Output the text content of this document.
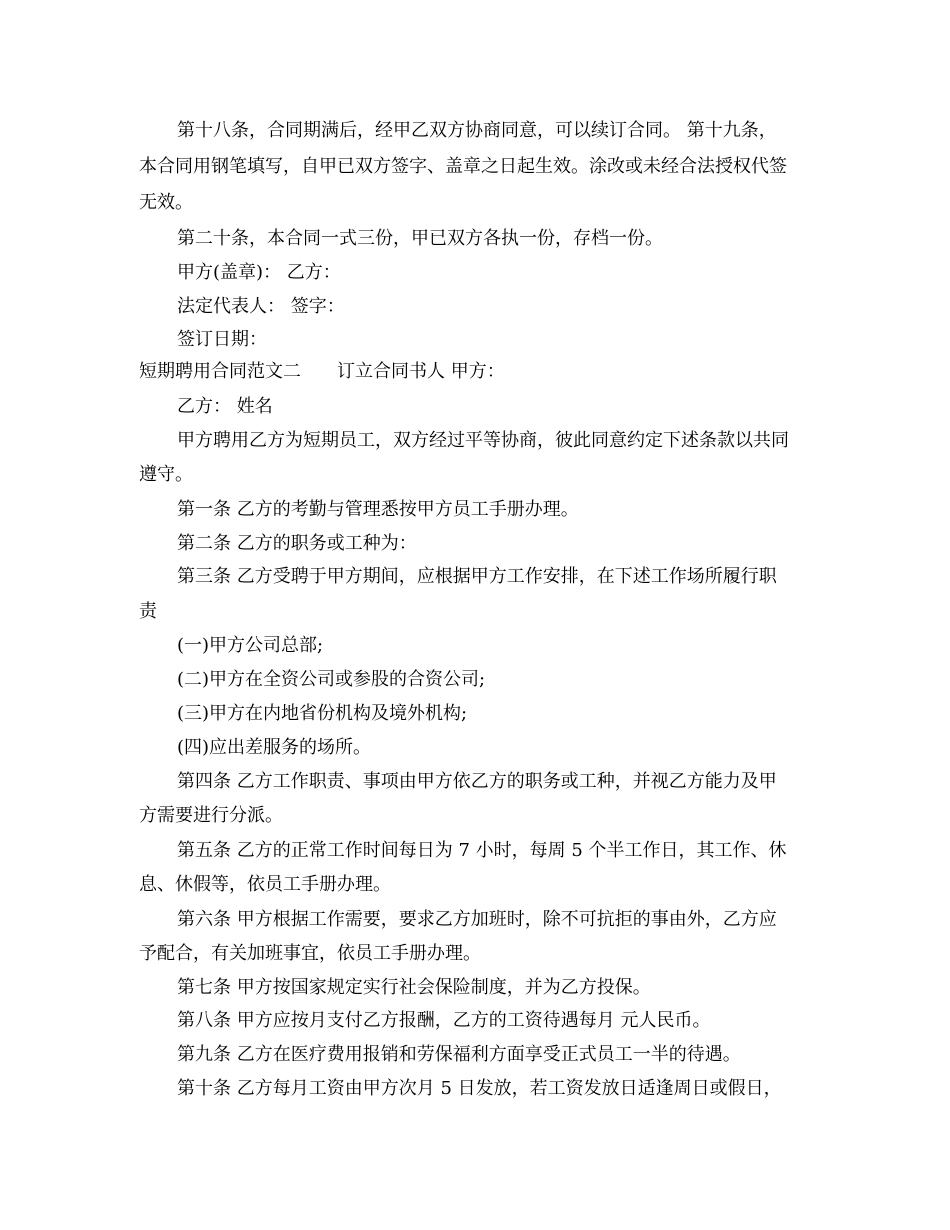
第十八条，合同期满后，经甲乙双方协商同意，可以续订合同。 第十九条，
本合同用钢笔填写，自甲已双方签字、盖章之日起生效。涂改或未经合法授权代签
无效。
第二十条，本合同一式三份，甲已双方各执一份，存档一份。
甲方(盖章)： 乙方：
法定代表人： 签字：
签订日期：
短期聘用合同范文二 订立合同书人 甲方：
乙方： 姓名
甲方聘用乙方为短期员工，双方经过平等协商，彼此同意约定下述条款以共同
遵守。
第一条 乙方的考勤与管理悉按甲方员工手册办理。
第二条 乙方的职务或工种为：
第三条 乙方受聘于甲方期间，应根据甲方工作安排，在下述工作场所履行职
责
(一)甲方公司总部;
(二)甲方在全资公司或参股的合资公司;
(三)甲方在内地省份机构及境外机构;
(四)应出差服务的场所。
第四条 乙方工作职责、事项由甲方依乙方的职务或工种，并视乙方能力及甲
方需要进行分派。
第五条 乙方的正常工作时间每日为 7 小时，每周 5 个半工作日，其工作、休
息、休假等，依员工手册办理。
第六条 甲方根据工作需要，要求乙方加班时，除不可抗拒的事由外，乙方应
予配合，有关加班事宜，依员工手册办理。
第七条 甲方按国家规定实行社会保险制度，并为乙方投保。
第八条 甲方应按月支付乙方报酬，乙方的工资待遇每月 元人民币。
第九条 乙方在医疗费用报销和劳保福利方面享受正式员工一半的待遇。
第十条 乙方每月工资由甲方次月 5 日发放，若工资发放日适逢周日或假日，
